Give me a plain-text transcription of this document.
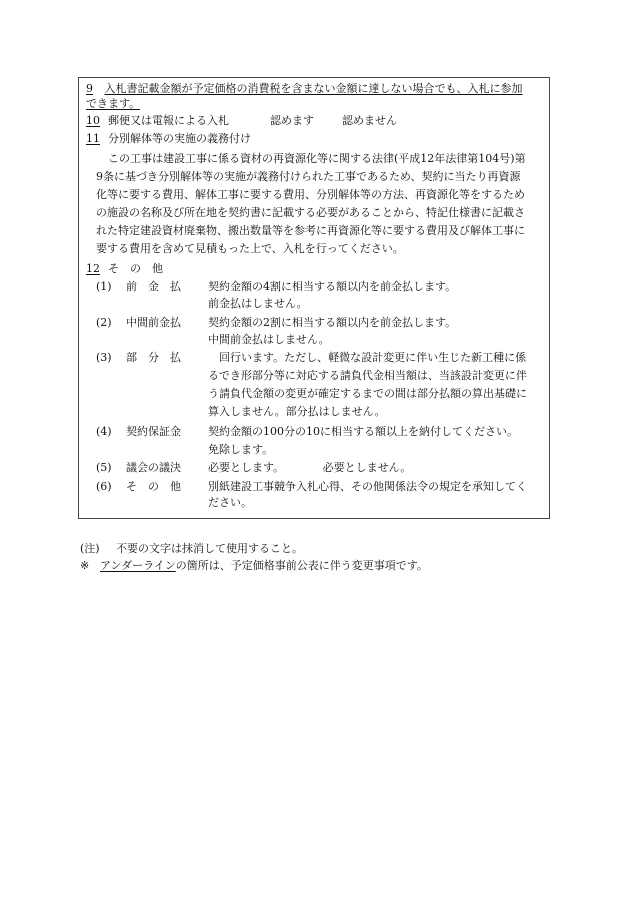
9 入札書記載金額が予定価格の消費税を含まない金額に達しない場合でも、入札に参加
できます。
10 郵便又は電報による入札	認めます	認めません
11 分別解体等の実施の義務付け
この工事は建設工事に係る資材の再資源化等に関する法律(平成12年法律第104号)第
9条に基づき分別解体等の実施が義務付けられた工事であるため、契約に当たり再資源
化等に要する費用、解体工事に要する費用、分別解体等の方法、再資源化等をするため
の施設の名称及び所在地を契約書に記載する必要があることから、特記仕様書に記載さ
れた特定建設資材廃棄物、搬出数量等を参考に再資源化等に要する費用及び解体工事に
要する費用を含めて見積もった上で、入札を行ってください。
12 そ　の　他
(1) 前　金　払 契約金額の4割に相当する額以内を前金払します。
前金払はしません。
(2) 中間前金払 契約金額の2割に相当する額以内を前金払します。
中間前金払はしません。
(3) 部　分　払 　回行います。ただし、軽微な設計変更に伴い生じた新工種に係
るでき形部分等に対応する請負代金相当額は、当該設計変更に伴
う請負代金額の変更が確定するまでの間は部分払額の算出基礎に
算入しません。部分払はしません。
(4) 契約保証金 契約金額の100分の10に相当する額以上を納付してください。
免除します。
(5) 議会の議決 必要とします。　　　　必要としません。
(6) そ　の　他 別紙建設工事競争入札心得、その他関係法令の規定を承知してく
ださい。
(注) 不要の文字は抹消して使用すること。
※ アンダーラインの箇所は、予定価格事前公表に伴う変更事項です。
